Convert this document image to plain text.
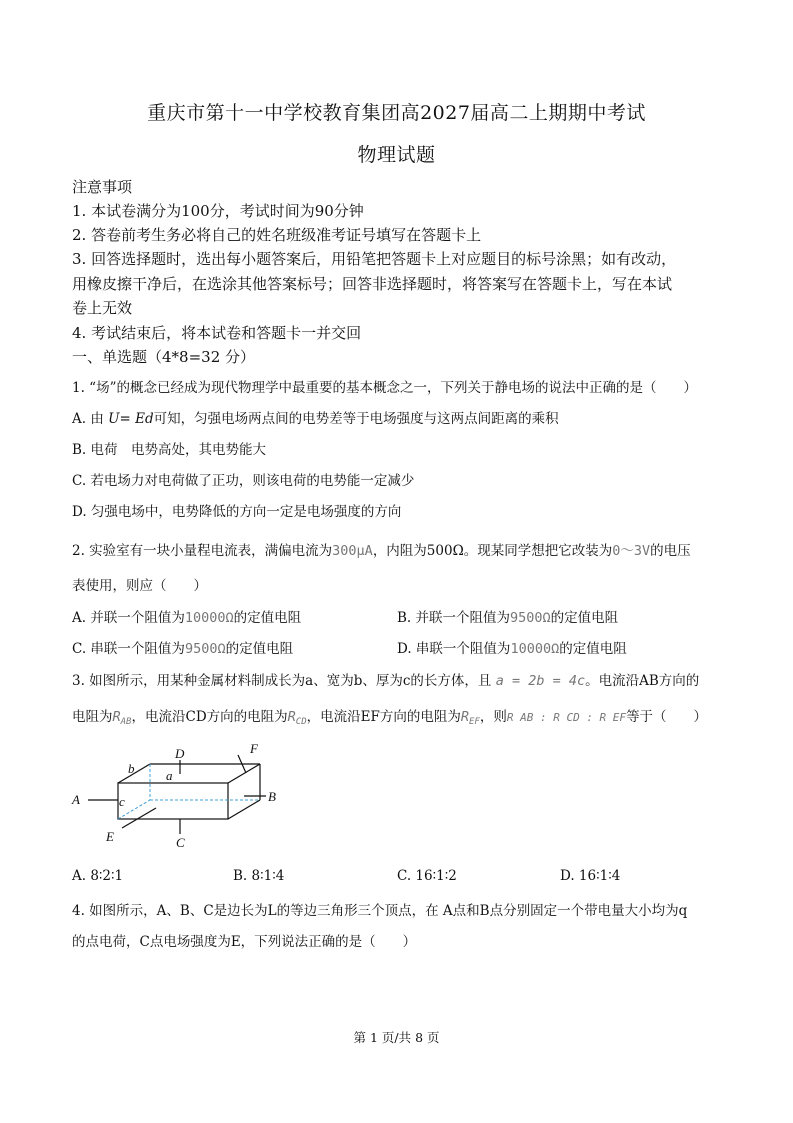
重庆市第十一中学校教育集团高2027届高二上期期中考试
物理试题
注意事项
1. 本试卷满分为100分，考试时间为90分钟
2. 答卷前考生务必将自己的姓名班级准考证号填写在答题卡上
3. 回答选择题时，选出每小题答案后，用铅笔把答题卡上对应题目的标号涂黑；如有改动，
用橡皮擦干净后，在选涂其他答案标号；回答非选择题时，将答案写在答题卡上，写在本试
卷上无效
4. 考试结束后，将本试卷和答题卡一并交回
一、单选题（4*8=32 分）
1. “场”的概念已经成为现代物理学中最重要的基本概念之一，下列关于静电场的说法中正确的是（　　）
A. 由 U= Ed可知，匀强电场两点间的电势差等于电场强度与这两点间距离的乘积
B. 电荷　电势高处，其电势能大
C. 若电场力对电荷做了正功，则该电荷的电势能一定减少
D. 匀强电场中，电势降低的方向一定是电场强度的方向
2. 实验室有一块小量程电流表，满偏电流为300μA，内阻为500Ω。现某同学想把它改装为0～3V的电压
表使用，则应（　　）
A. 并联一个阻值为10000Ω的定值电阻	B. 并联一个阻值为9500Ω的定值电阻
C. 串联一个阻值为9500Ω的定值电阻	D. 串联一个阻值为10000Ω的定值电阻
3. 如图所示，用某种金属材料制成长为a、宽为b、厚为c的长方体，且 a = 2b = 4c。电流沿AB方向的
电阻为$R_{AB}$，电流沿CD方向的电阻为$R_{CD}$，电流沿EF方向的电阻为$R_{EF}$，则R AB : R CD : R EF等于（　　）
A	B
C
D
E
F
a
b
c
A. 8∶2∶1	B. 8∶1∶4	C. 16∶1∶2	D. 16∶1∶4
4. 如图所示，A、B、C是边长为L的等边三角形三个顶点，在 A点和B点分别固定一个带电量大小均为q
的点电荷，C点电场强度为E，下列说法正确的是（　　）
第 1 页/共 8 页
